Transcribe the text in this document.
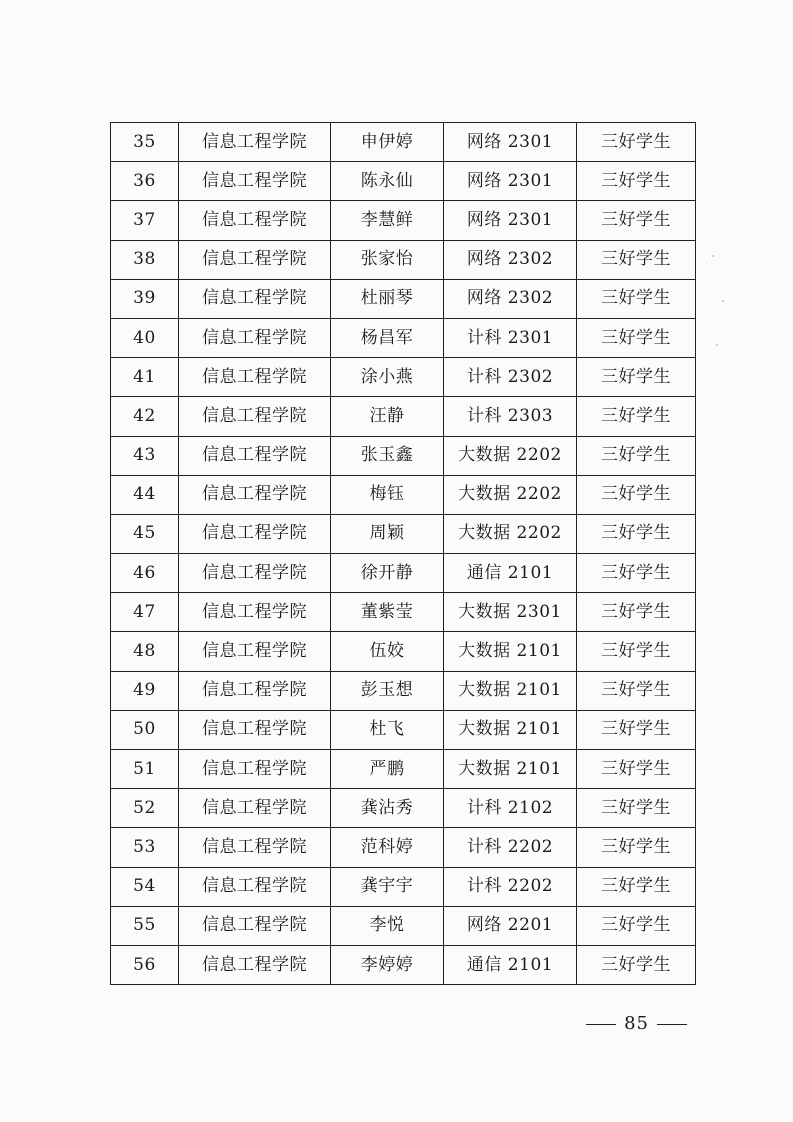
35	信息工程学院	申伊婷	网络 2301	三好学生
36	信息工程学院	陈永仙	网络 2301	三好学生
37	信息工程学院	李慧鲜	网络 2301	三好学生
38	信息工程学院	张家怡	网络 2302	三好学生
39	信息工程学院	杜丽琴	网络 2302	三好学生
40	信息工程学院	杨昌军	计科 2301	三好学生
41	信息工程学院	涂小燕	计科 2302	三好学生
42	信息工程学院	汪静	计科 2303	三好学生
43	信息工程学院	张玉鑫	大数据 2202	三好学生
44	信息工程学院	梅钰	大数据 2202	三好学生
45	信息工程学院	周颖	大数据 2202	三好学生
46	信息工程学院	徐开静	通信 2101	三好学生
47	信息工程学院	董紫莹	大数据 2301	三好学生
48	信息工程学院	伍姣	大数据 2101	三好学生
49	信息工程学院	彭玉想	大数据 2101	三好学生
50	信息工程学院	杜飞	大数据 2101	三好学生
51	信息工程学院	严鹏	大数据 2101	三好学生
52	信息工程学院	龚沾秀	计科 2102	三好学生
53	信息工程学院	范科婷	计科 2202	三好学生
54	信息工程学院	龚宇宇	计科 2202	三好学生
55	信息工程学院	李悦	网络 2201	三好学生
56	信息工程学院	李婷婷	通信 2101	三好学生
85
